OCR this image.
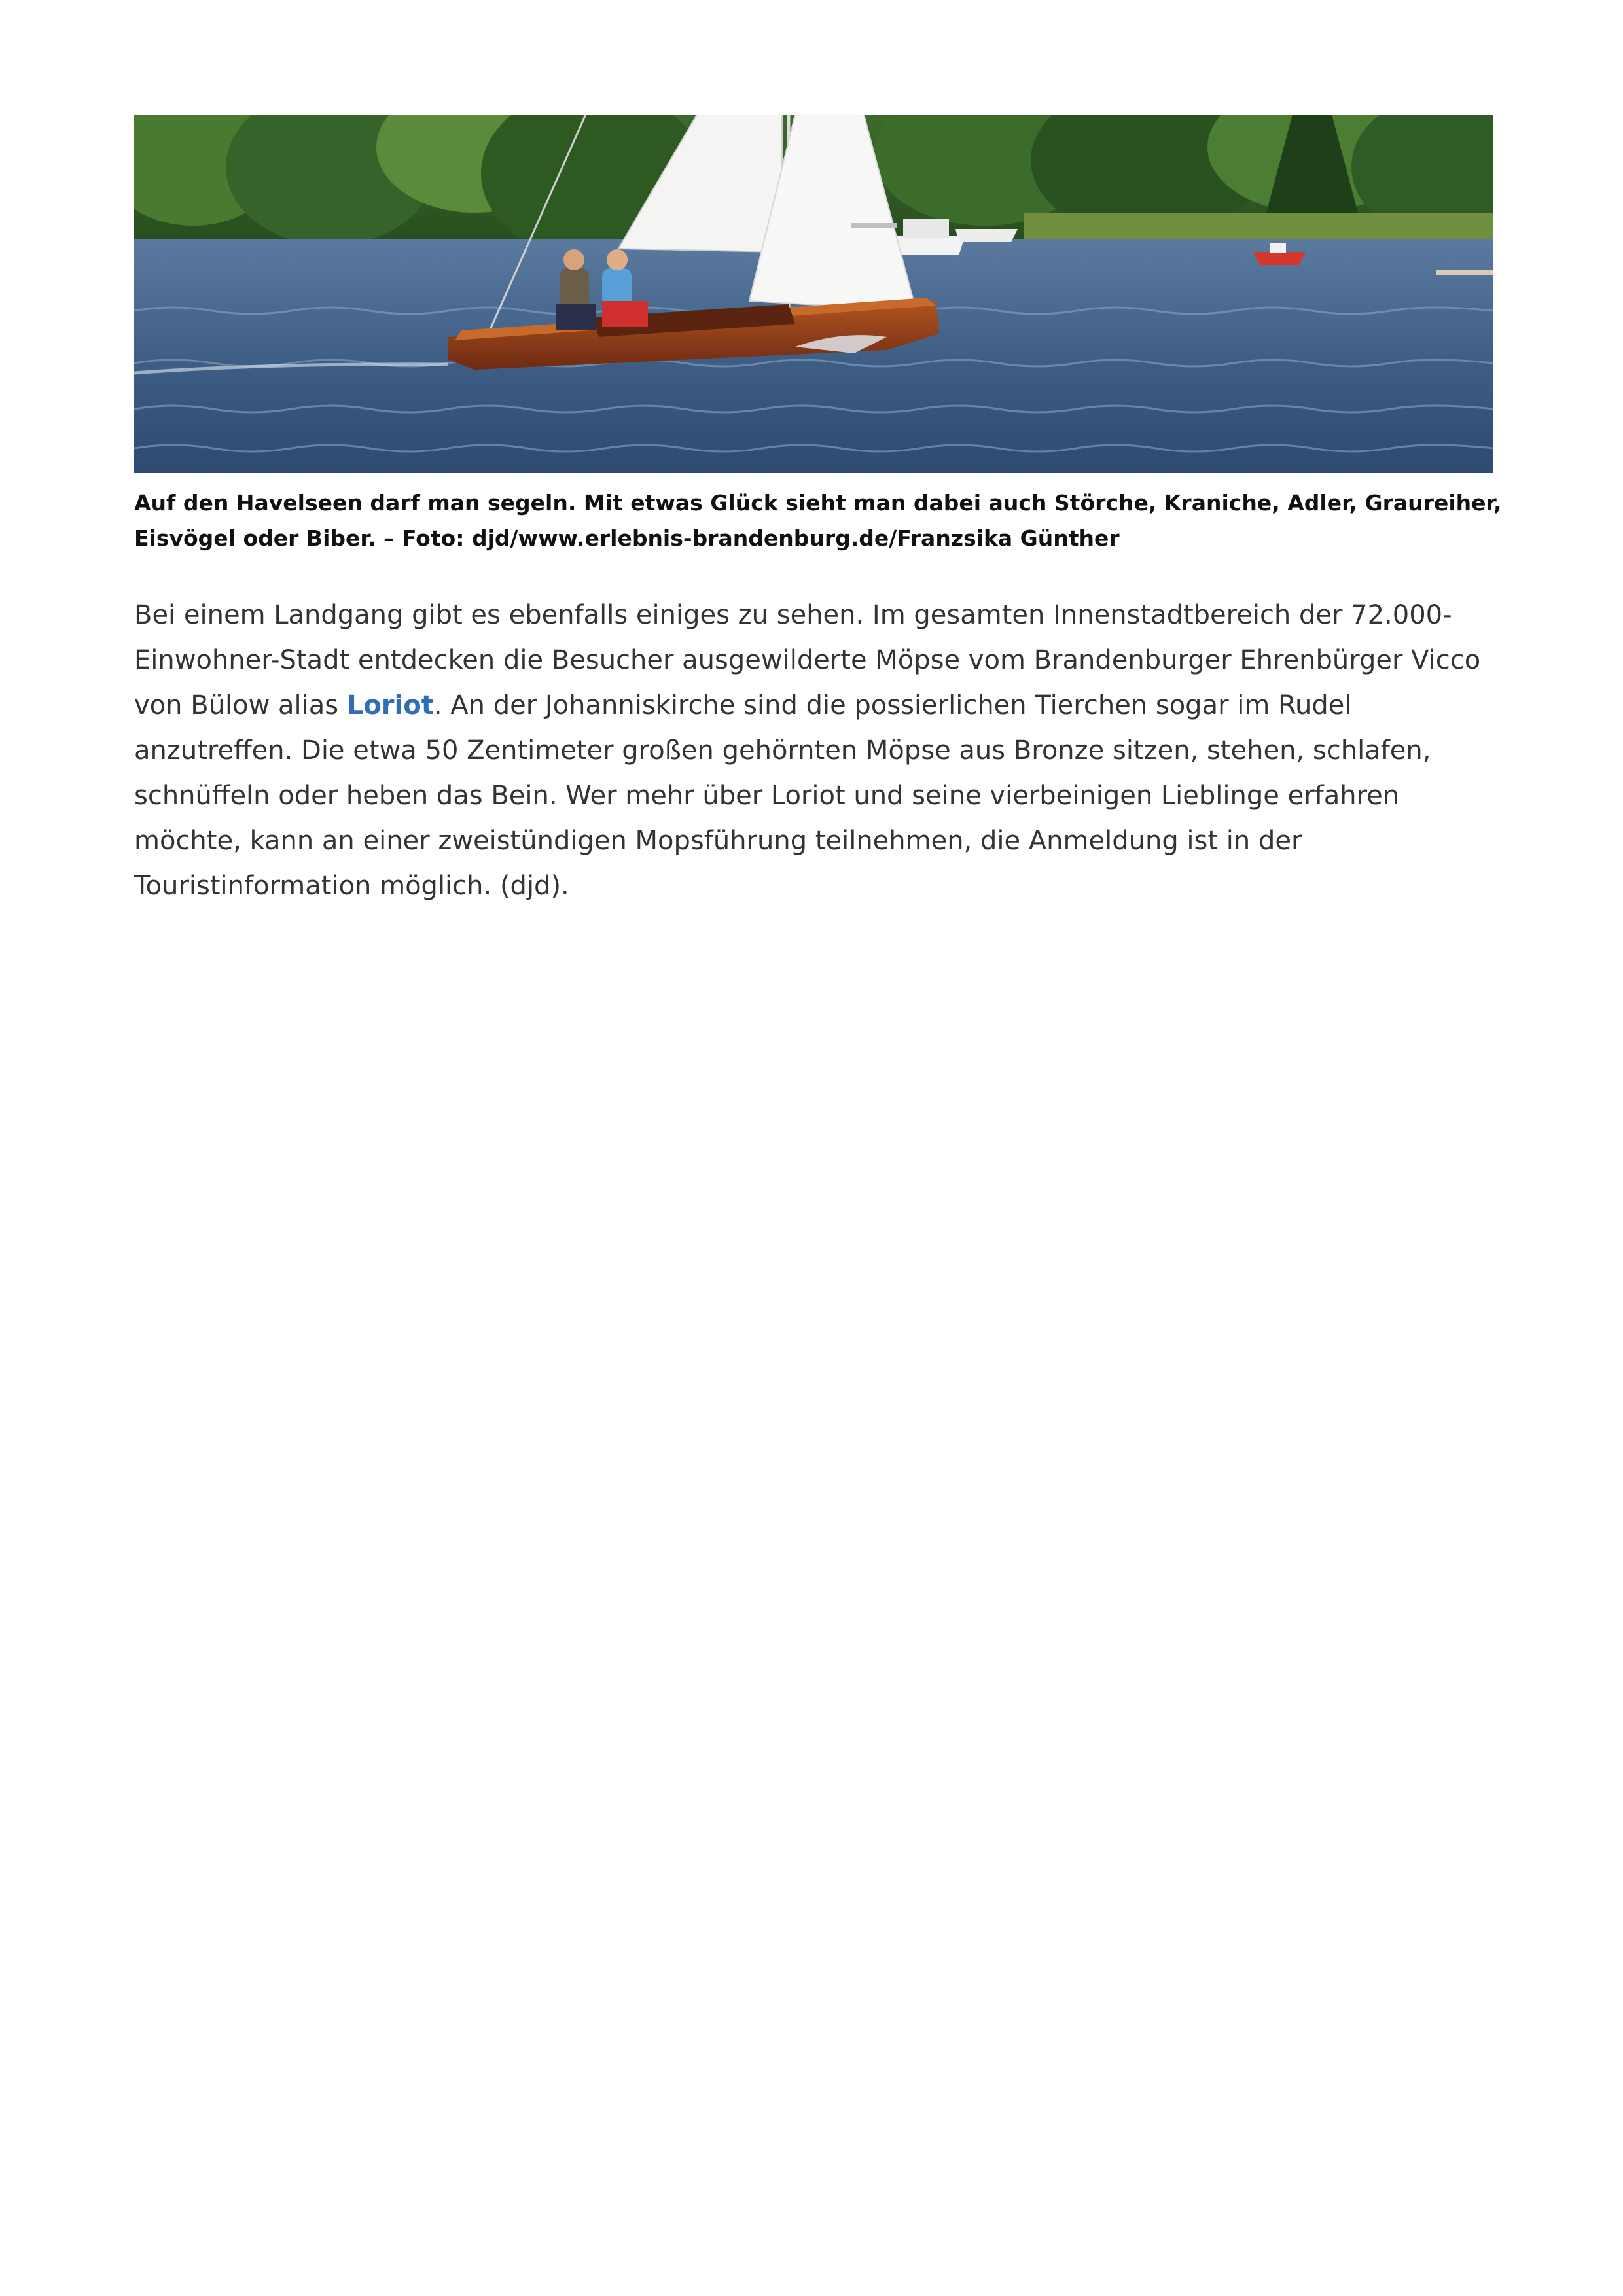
Auf den Havelseen darf man segeln. Mit etwas Glück sieht man dabei auch Störche, Kraniche, Adler, Graureiher,
Eisvögel oder Biber. – Foto: djd/www.erlebnis-brandenburg.de/Franzsika Günther
Bei einem Landgang gibt es ebenfalls einiges zu sehen. Im gesamten Innenstadtbereich der 72.000-
Einwohner-Stadt entdecken die Besucher ausgewilderte Möpse vom Brandenburger Ehrenbürger Vicco
von Bülow alias Loriot. An der Johanniskirche sind die possierlichen Tierchen sogar im Rudel
anzutreffen. Die etwa 50 Zentimeter großen gehörnten Möpse aus Bronze sitzen, stehen, schlafen,
schnüffeln oder heben das Bein. Wer mehr über Loriot und seine vierbeinigen Lieblinge erfahren
möchte, kann an einer zweistündigen Mopsführung teilnehmen, die Anmeldung ist in der
Touristinformation möglich. (djd).
